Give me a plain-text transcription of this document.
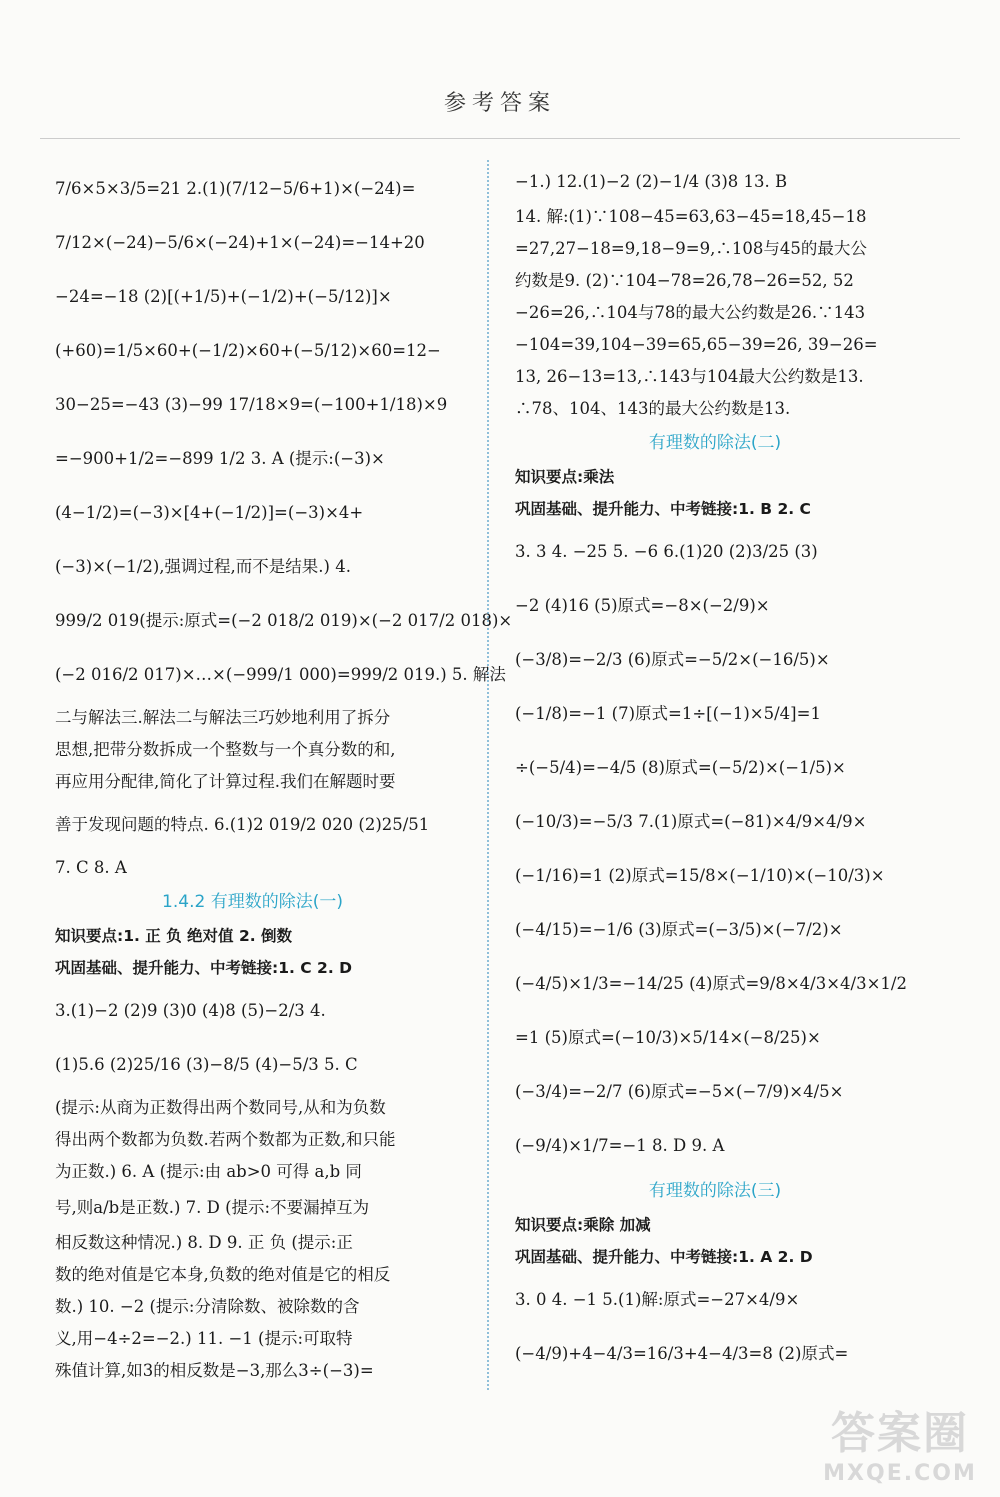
参考答案
7/6×5×3/5=21 2.(1)(7/12−5/6+1)×(−24)=
7/12×(−24)−5/6×(−24)+1×(−24)=−14+20
−24=−18 (2)[(+1/5)+(−1/2)+(−5/12)]×
(+60)=1/5×60+(−1/2)×60+(−5/12)×60=12−
30−25=−43 (3)−99 17/18×9=(−100+1/18)×9
=−900+1/2=−899 1/2 3. A (提示:(−3)×
(4−1/2)=(−3)×[4+(−1/2)]=(−3)×4+
(−3)×(−1/2),强调过程,而不是结果.) 4.
999/2 019(提示:原式=(−2 018/2 019)×(−2 017/2 018)×
(−2 016/2 017)×…×(−999/1 000)=999/2 019.) 5. 解法
二与解法三.解法二与解法三巧妙地利用了拆分
思想,把带分数拆成一个整数与一个真分数的和,
再应用分配律,简化了计算过程.我们在解题时要
善于发现问题的特点. 6.(1)2 019/2 020 (2)25/51
7. C 8. A
1.4.2 有理数的除法(一)
知识要点:1. 正 负 绝对值 2. 倒数
巩固基础、提升能力、中考链接:1. C 2. D
3.(1)−2 (2)9 (3)0 (4)8 (5)−2/3 4.
(1)5.6 (2)25/16 (3)−8/5 (4)−5/3 5. C
(提示:从商为正数得出两个数同号,从和为负数
得出两个数都为负数.若两个数都为正数,和只能
为正数.) 6. A (提示:由 ab>0 可得 a,b 同
号,则a/b是正数.) 7. D (提示:不要漏掉互为
相反数这种情况.) 8. D 9. 正 负 (提示:正
数的绝对值是它本身,负数的绝对值是它的相反
数.) 10. −2 (提示:分清除数、被除数的含
义,用−4÷2=−2.) 11. −1 (提示:可取特
殊值计算,如3的相反数是−3,那么3÷(−3)=
−1.) 12.(1)−2 (2)−1/4 (3)8 13. B
14. 解:(1)∵108−45=63,63−45=18,45−18
=27,27−18=9,18−9=9,∴108与45的最大公
约数是9. (2)∵104−78=26,78−26=52, 52
−26=26,∴104与78的最大公约数是26.∵143
−104=39,104−39=65,65−39=26, 39−26=
13, 26−13=13,∴143与104最大公约数是13.
∴78、104、143的最大公约数是13.
有理数的除法(二)
知识要点:乘法
巩固基础、提升能力、中考链接:1. B 2. C
3. 3 4. −25 5. −6 6.(1)20 (2)3/25 (3)
−2 (4)16 (5)原式=−8×(−2/9)×
(−3/8)=−2/3 (6)原式=−5/2×(−16/5)×
(−1/8)=−1 (7)原式=1÷[(−1)×5/4]=1
÷(−5/4)=−4/5 (8)原式=(−5/2)×(−1/5)×
(−10/3)=−5/3 7.(1)原式=(−81)×4/9×4/9×
(−1/16)=1 (2)原式=15/8×(−1/10)×(−10/3)×
(−4/15)=−1/6 (3)原式=(−3/5)×(−7/2)×
(−4/5)×1/3=−14/25 (4)原式=9/8×4/3×4/3×1/2
=1 (5)原式=(−10/3)×5/14×(−8/25)×
(−3/4)=−2/7 (6)原式=−5×(−7/9)×4/5×
(−9/4)×1/7=−1 8. D 9. A
有理数的除法(三)
知识要点:乘除 加减
巩固基础、提升能力、中考链接:1. A 2. D
3. 0 4. −1 5.(1)解:原式=−27×4/9×
(−4/9)+4−4/3=16/3+4−4/3=8 (2)原式=
答案圈
MXQE.COM
